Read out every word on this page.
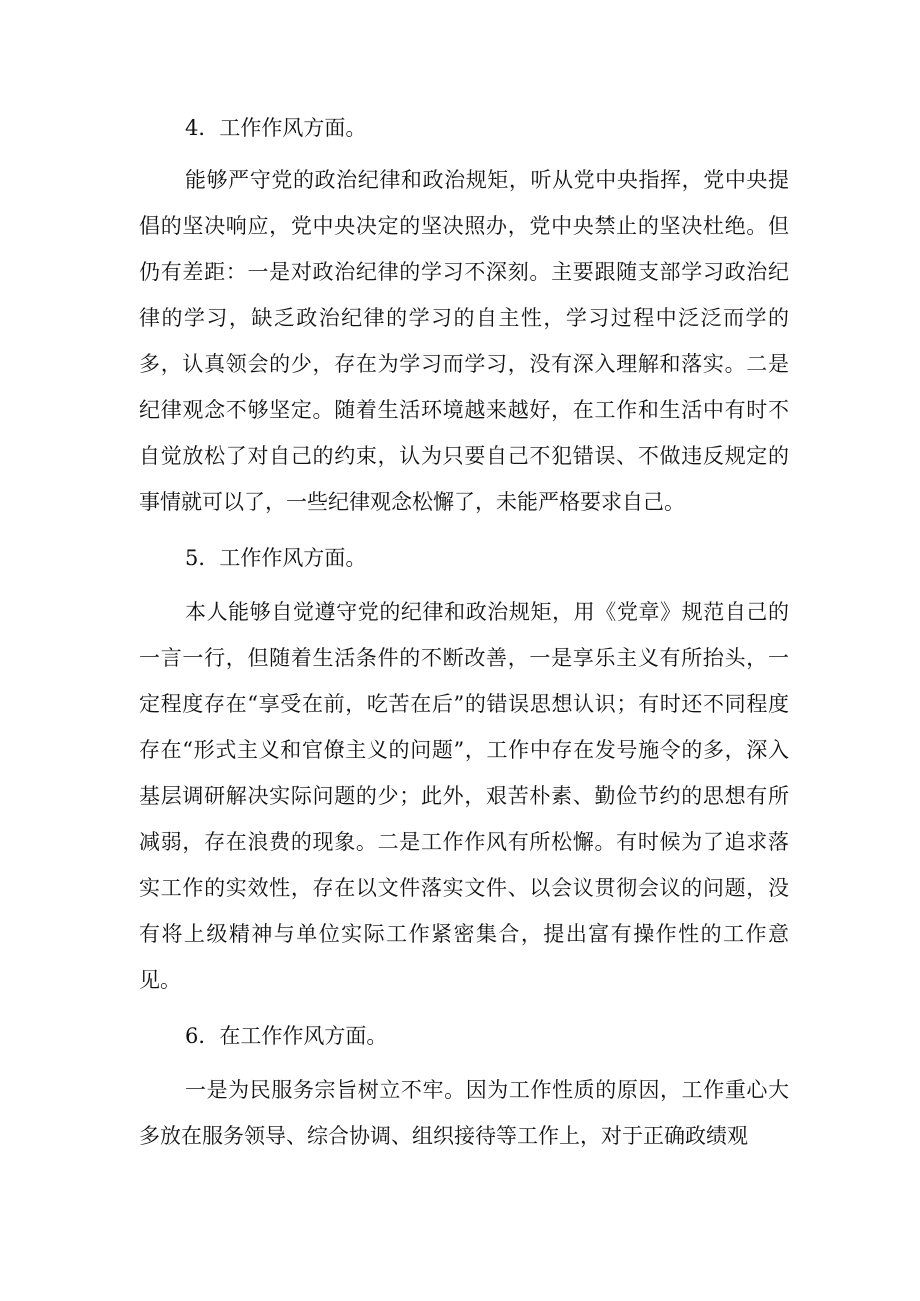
4．工作作风方面。

能够严守党的政治纪律和政治规矩，听从党中央指挥，党中央提倡的坚决响应，党中央决定的坚决照办，党中央禁止的坚决杜绝。但仍有差距：一是对政治纪律的学习不深刻。主要跟随支部学习政治纪律的学习，缺乏政治纪律的学习的自主性，学习过程中泛泛而学的多，认真领会的少，存在为学习而学习，没有深入理解和落实。二是纪律观念不够坚定。随着生活环境越来越好，在工作和生活中有时不自觉放松了对自己的约束，认为只要自己不犯错误、不做违反规定的事情就可以了，一些纪律观念松懈了，未能严格要求自己。

5．工作作风方面。

本人能够自觉遵守党的纪律和政治规矩，用《党章》规范自己的一言一行，但随着生活条件的不断改善，一是享乐主义有所抬头，一定程度存在“享受在前，吃苦在后”的错误思想认识；有时还不同程度存在“形式主义和官僚主义的问题”，工作中存在发号施令的多，深入基层调研解决实际问题的少；此外，艰苦朴素、勤俭节约的思想有所减弱，存在浪费的现象。二是工作作风有所松懈。有时候为了追求落实工作的实效性，存在以文件落实文件、以会议贯彻会议的问题，没有将上级精神与单位实际工作紧密集合，提出富有操作性的工作意见。

6．在工作作风方面。

一是为民服务宗旨树立不牢。因为工作性质的原因，工作重心大多放在服务领导、综合协调、组织接待等工作上，对于正确政绩观
